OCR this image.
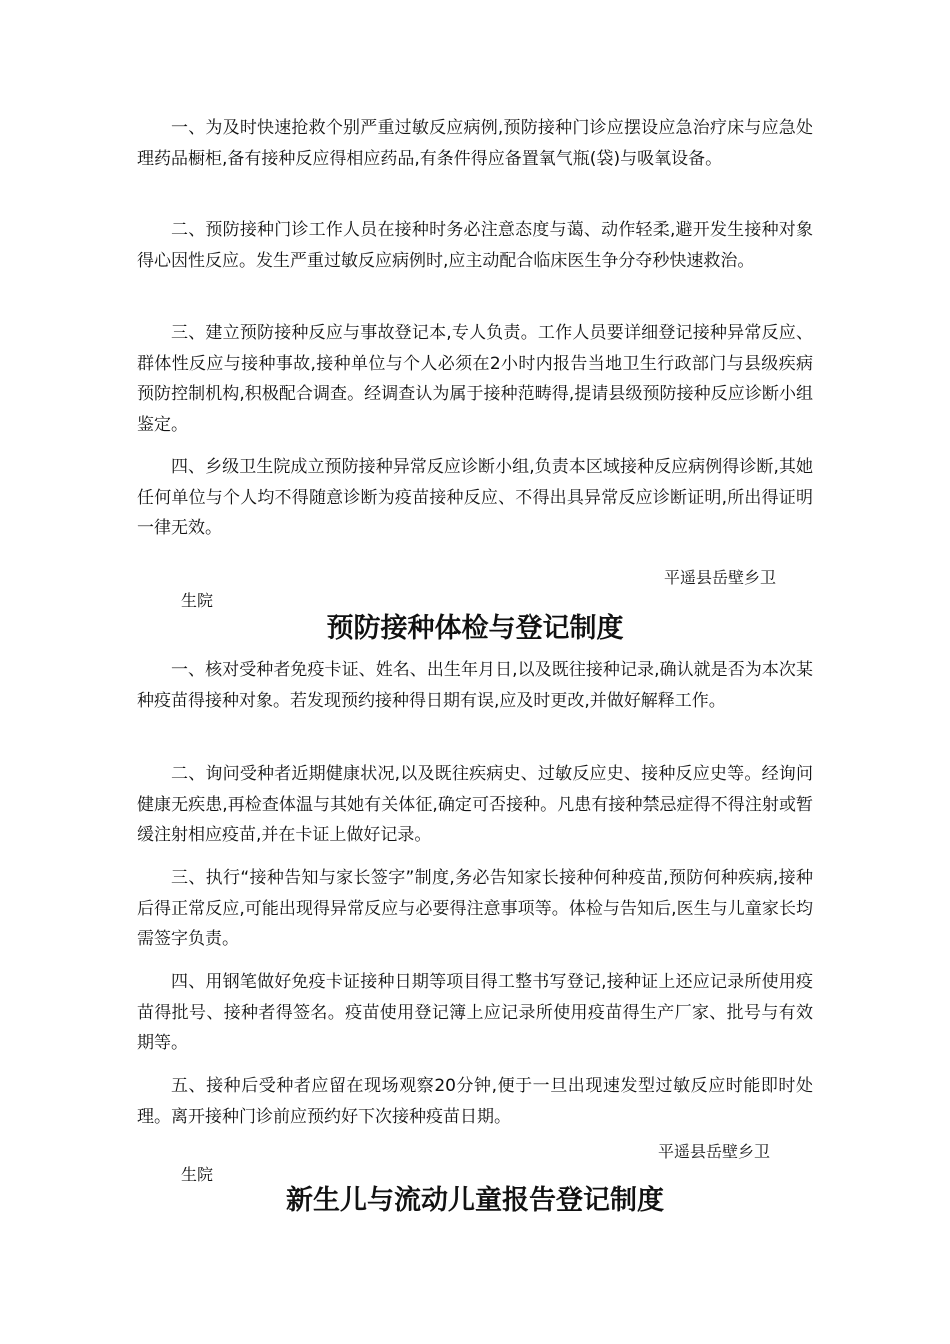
一、为及时快速抢救个别严重过敏反应病例,预防接种门诊应摆设应急治疗床与应急处理药品橱柜,备有接种反应得相应药品,有条件得应备置氧气瓶(袋)与吸氧设备。

二、预防接种门诊工作人员在接种时务必注意态度与蔼、动作轻柔,避开发生接种对象得心因性反应。发生严重过敏反应病例时,应主动配合临床医生争分夺秒快速救治。

三、建立预防接种反应与事故登记本,专人负责。工作人员要详细登记接种异常反应、群体性反应与接种事故,接种单位与个人必须在2小时内报告当地卫生行政部门与县级疾病预防控制机构,积极配合调查。经调查认为属于接种范畴得,提请县级预防接种反应诊断小组鉴定。

四、乡级卫生院成立预防接种异常反应诊断小组,负责本区域接种反应病例得诊断,其她任何单位与个人均不得随意诊断为疫苗接种反应、不得出具异常反应诊断证明,所出得证明一律无效。

平遥县岳壁乡卫

生院

预防接种体检与登记制度

一、核对受种者免疫卡证、姓名、出生年月日,以及既往接种记录,确认就是否为本次某种疫苗得接种对象。若发现预约接种得日期有误,应及时更改,并做好解释工作。

二、询问受种者近期健康状况,以及既往疾病史、过敏反应史、接种反应史等。经询问健康无疾患,再检查体温与其她有关体征,确定可否接种。凡患有接种禁忌症得不得注射或暂缓注射相应疫苗,并在卡证上做好记录。

三、执行“接种告知与家长签字”制度,务必告知家长接种何种疫苗,预防何种疾病,接种后得正常反应,可能出现得异常反应与必要得注意事项等。体检与告知后,医生与儿童家长均需签字负责。

四、用钢笔做好免疫卡证接种日期等项目得工整书写登记,接种证上还应记录所使用疫苗得批号、接种者得签名。疫苗使用登记簿上应记录所使用疫苗得生产厂家、批号与有效期等。

五、接种后受种者应留在现场观察20分钟,便于一旦出现速发型过敏反应时能即时处理。离开接种门诊前应预约好下次接种疫苗日期。

平遥县岳壁乡卫

生院

新生儿与流动儿童报告登记制度
